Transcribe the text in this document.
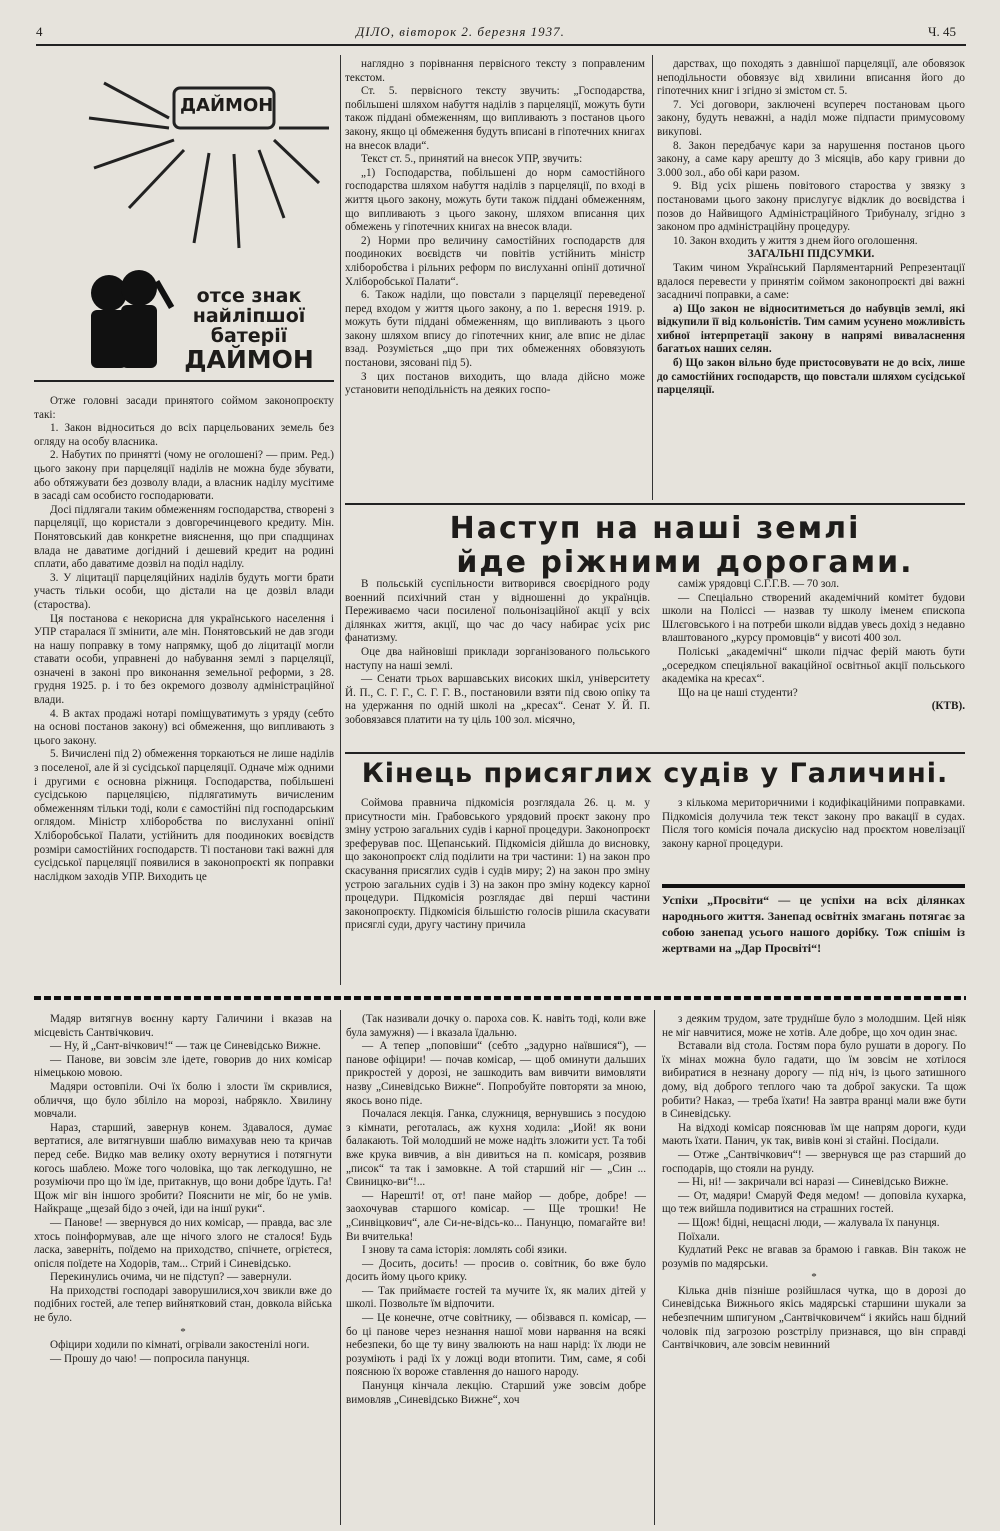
4	ДІЛО, вівторок 2. березня 1937.	Ч. 45
ДАЙМОН
отсе знак
найліпшої
батерії
ДАЙМОН

Отже головні засади принятого соймом законопроєкту такі:

1. Закон відноситься до всіх парцельованих земель без огляду на особу власника.

2. Набутих по принятті (чому не оголошені? — прим. Ред.) цього закону при парцеляції наділів не можна буде збувати, або обтяжувати без дозволу влади, а власник наділу мусітиме в засаді сам особисто господарювати.

Досі підлягали таким обмеженням господарства, створені з парцеляції, що користали з довгоречинцевого кредиту. Мін. Понятовський дав конкретне вияснення, що при спадщинах влада не даватиме догідний і дешевий кредит на родині сплати, або даватиме дозвіл на поділ наділу.

3. У ліцитації парцеляційних наділів будуть могти брати участь тільки особи, що дістали на це дозвіл влади (староства).

Ця постанова є некорисна для українського населення і УПР старалася її змінити, але мін. Понятовський не дав згоди на нашу поправку в тому напрямку, щоб до ліцитації могли ставати особи, управнені до набування землі з парцеляції, означені в законі про виконання земельної реформи, з 28. грудня 1925. р. і то без окремого дозволу адміністраційної влади.

4. В актах продажі нотарі поміщуватимуть з уряду (себто на основі постанов закону) всі обмеження, що випливають з цього закону.

5. Вичислені під 2) обмеження торкаються не лише наділів з поселеної, але й зі сусідської парцеляції. Одначе між одними і другими є основна ріжниця. Господарства, побільшені сусідською парцеляцією, підлягатимуть вичисленим обмеженням тільки тоді, коли є самостійні під господарським оглядом. Міністр хліборобства по вислуханні опінії Хліборобської Палати, устійнить для поодиноких воєвідств розміри самостійних господарств. Ті постанови такі важні для сусідської парцеляції появилися в законопроєкті як поправки наслідком заходів УПР. Виходить це

наглядно з порівнання первісного тексту з поправленим текстом.

Ст. 5. первісного тексту звучить: „Господарства, побільшені шляхом набуття наділів з парцеляції, можуть бути також піддані обмеженням, що випливають з постанов цього закону, якщо ці обмеження будуть вписані в гіпотечних книгах на внесок влади“.

Текст ст. 5., принятий на внесок УПР, звучить:

„1) Господарства, побільшені до норм самостійного господарства шляхом набуття наділів з парцеляції, по вході в життя цього закону, можуть бути також піддані обмеженням, що випливають з цього закону, шляхом вписання цих обмежень у гіпотечних книгах на внесок влади.

2) Норми про величину самостійних господарств для поодиноких воєвідств чи повітів устійнить міністр хліборобства і рільних реформ по вислуханні опінії дотичної Хліборобської Палати“.

6. Також наділи, що повстали з парцеляції переведеної перед входом у життя цього закону, а по 1. вересня 1919. р. можуть бути піддані обмеженням, що випливають з цього закону шляхом впису до гіпотечних книг, але впис не ділає взад. Розуміється „що при тих обмеженнях обовязують постанови, зясовані під 5).

З цих постанов виходить, що влада дійсно може установити неподільність на деяких госпо-

дарствах, що походять з давнішої парцеляції, але обовязок неподільности обовязує від хвилини вписання його до гіпотечних книг і згідно зі змістом ст. 5.

7. Усі договори, заключені всупереч постановам цього закону, будуть неважні, а наділ може підпасти примусовому викупові.

8. Закон передбачує кари за нарушення постанов цього закону, а саме кару арешту до 3 місяців, або кару гривни до 3.000 зол., або обі кари разом.

9. Від усіх рішень повітового староства у звязку з постановами цього закону прислугує відклик до воєвідства і позов до Найвищого Адміністраційного Трибуналу, згідно з законом про адміністраційну процедуру.

10. Закон входить у життя з днем його оголошення.

ЗАГАЛЬНІ ПІДСУМКИ.

Таким чином Український Парляментарний Репрезентації вдалося перевести у принятім соймом законопроєкті дві важні засадничі поправки, а саме:

а) Що закон не відноситиметься до набувців землі, які відкупили її від кольоністів. Тим самим усунено можливість хибної інтерпретації закону в напрямі виваласнення багатьох наших селян.

б) Що закон вільно буде пристосовувати не до всіх, лише до самостійних господарств, що повстали шляхом сусідської парцеляції.

Наступ на наші землі
йде ріжними дорогами.

В польській суспільности витворився своєрідного роду военний психічний стан у відношенні до українців. Переживаємо часи посиленої польонізаційної акції у всіх ділянках життя, акції, що час до часу набирає усіх рис фанатизму.

Оце два найновіші приклади зорганізованого польського наступу на наші землі.

— Сенати трьох варшавських високих шкіл, університету Й. П., С. Г. Г., С. Г. Г. В., постановили взяти під свою опіку та на удержання по одній школі на „кресах“. Сенат У. Й. П. зобовязався платити на ту ціль 100 зол. місячно,

саміж урядовці С.Г.Г.В. — 70 зол.

— Спеціально створений академічний комітет будови школи на Поліссі — назвав ту школу іменем єпископа Шлєговського і на потреби школи віддав увесь дохід з недавно влаштованого „курсу промовців“ у висоті 400 зол.

Поліські „академічні“ школи підчас ферій мають бути „осередком спеціяльної вакаційної освітньої акції польського академіка на кресах“.

Що на це наші студенти?

(КТВ).

Кінець присяглих судів у Галичині.

Соймова правнича підкомісія розглядала 26. ц. м. у присутности мін. Грабовського урядовий проєкт закону про зміну устрою загальних судів і карної процедури. Законопроєкт зреферував пос. Щепанський. Підкомісія дійшла до висновку, що законопроєкт слід поділити на три частини: 1) на закон про скасування присяглих судів і судів миру; 2) на закон про зміну устрою загальних судів і 3) на закон про зміну кодексу карної процедури. Підкомісія розглядає дві перші частини законопроєкту. Підкомісія більшістю голосів рішила скасувати присяглі суди, другу частину причила

з кількома мериторичними і кодифікаційними поправками. Підкомісія долучила теж текст закону про вакації в судах. Після того комісія почала дискусію над проєктом новелізації закону карної процедури.

Успіхи „Просвіти“ — це успіхи на всіх ділянках народнього життя. Занепад освітніх змагань потягає за собою занепад усього нашого дорібку. Тож спішім із жертвами на „Дар Просвіті“!

Мадяр витягнув воєнну карту Галичини і вказав на місцевість Сантвічкович.

— Ну, й „Сант-вічкович!“ — таж це Синевідсько Вижне.

— Панове, ви зовсім зле ідете, говорив до них комісар німецькою мовою.

Мадяри остовпіли. Очі їх болю і злости їм скривлися, обличчя, що було збіліло на морозі, набрякло. Хвилину мовчали.

Нараз, старший, завернув конем. Здавалося, думає вертатися, але витягнувши шаблю вимахував нею та кричав перед себе. Видко мав велику охоту вернутися і потягнути когось шаблею. Може того чоловіка, що так легкодушно, не розуміючи про що їм іде, притакнув, що вони добре їдуть. Га! Щож міг він іншого зробити? Пояснити не міг, бо не умів. Найкраще „щезай бідо з очей, іди на іншї руки“.

— Панове! — звернувся до них комісар, — правда, вас зле хтось поінформував, але ще нічого злого не сталося! Будь ласка, заверніть, поїдемо на приходство, спічнете, огрієтеся, опісля поїдете на Ходорів, там... Стрий і Синевідсько.

Перекинулись очима, чи не підступ? — завернули.

На приходстві господарі заворушилися,хоч звикли вже до подібних гостей, але тепер вийнятковий стан, довкола війська не було.

*

Офіцири ходили по кімнаті, огрівали закостенілі ноги.

— Прошу до чаю! — попросила панунця.

(Так називали дочку о. пароха сов. К. навіть тоді, коли вже була замужня) — і вказала їдальню.

— А тепер „поповіши“ (себто „задурно наївшися“), — панове офіцири! — почав комісар, — щоб оминути дальших прикростей у дорозі, не зашкодить вам вивчити вимовляти назву „Синевідсько Вижне“. Попробуйте повторяти за мною, якось воно піде.

Почалася лекція. Ганка, служниця, вернувшись з посудою з кімнати, реготалась, аж кухня ходила: „Иой! як вони балакають. Той молодший не може надіть зложити уст. Та тобі вже крука вивчив, а він дивиться на п. комісаря, розявив „писок“ та так і замовкне. А той старший ніг — „Син ... Свиницко-ви“!...

— Нарешті! от, от! пане майор — добре, добре! — заохочував старшого комісар. — Ще трошки! Не „Синвіцкович“, але Си-не-відсь-ко... Панунцю, помагайте ви! Ви вчителька!

І знову та сама історія: ломлять собі язики.

— Досить, досить! — просив о. совітник, бо вже було досить йому цього крику.

— Так приймаєте гостей та мучите їх, як малих дітей у школі. Позвольте їм відпочити.

— Це конечне, отче совітнику, — обізвався п. комісар, — бо ці панове через незнання нашої мови нарвання на всякі небезпеки, бо ще ту вину звалюють на наш нарід: їх люди не розуміють і раді їх у ложці води втопити. Тим, саме, я собі пояснюю їх вороже ставлення до нашого народу.

Панунця кінчала лекцію. Старший уже зовсім добре вимовляв „Синевідсько Вижне“, хоч

з деяким трудом, зате труднїше було з молодшим. Цей ніяк не міг навчитися, може не хотів. Але добре, що хоч один знає.

Вставали від стола. Гостям пора було рушати в дорогу. По їх мінах можна було гадати, що їм зовсім не хотілося вибиратися в незнану дорогу — під ніч, із цього затишного дому, від доброго теплого чаю та доброї закуски. Та щож робити? Наказ, — треба їхати! На завтра вранці мали вже бути в Синевідську.

На відході комісар пояснював їм ще напрям дороги, куди мають їхати. Панич, ук так, вивів коні зі стайні. Посідали.

— Отже „Сантвічкович“! — звернувся ще раз старший до господарів, що стояли на рунду.

— Ні, ні! — закричали всі наразі — Синевідсько Вижне.

— От, мадяри! Смаруй Федя медом! — доповіла кухарка, що теж вийшла подивитися на страшних гостей.

— Щож! бідні, нещасні люди, — жалувала їх панунця.

Поїхали.

Кудлатий Рекс не вгавав за брамою і гавкав. Він також не розумів по мадярськи.

*

Кілька днів пізніше розійшлася чутка, що в дорозі до Синевідська Вижнього якісь мадярські старшини шукали за небезпечним шпигуном „Сантвічковичем“ і якийсь наш бідний чоловік під загрозою розстрілу признався, що він справді Сантвічкович, але зовсім невинний
